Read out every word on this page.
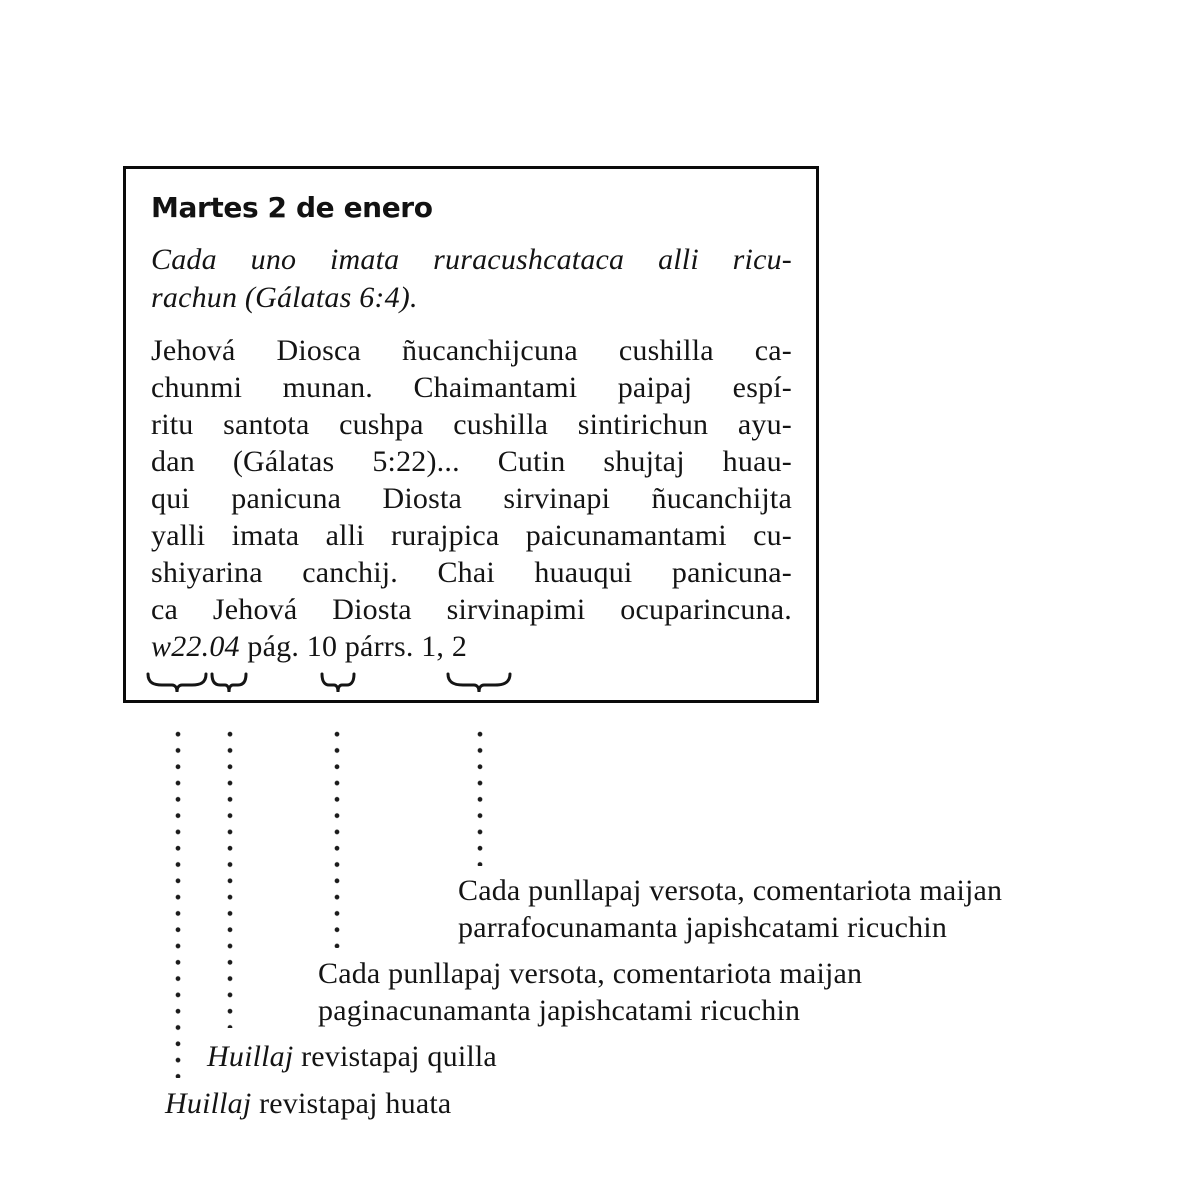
Martes 2 de enero
Cada uno imata ruracushcataca alli ricu-
rachun (Gálatas 6:4).
Jehová Diosca ñucanchijcuna cushilla ca-
chunmi munan. Chaimantami paipaj espí-
ritu santota cushpa cushilla sintirichun ayu-
dan (Gálatas 5:22)... Cutin shujtaj huau-
qui panicuna Diosta sirvinapi ñucanchijta
yalli imata alli rurajpica paicunamantami cu-
shiyarina canchij. Chai huauqui panicuna-
ca Jehová Diosta sirvinapimi ocuparincuna.
w22.04 pág. 10 párrs. 1, 2
Cada punllapaj versota, comentariota maijan
parrafocunamanta japishcatami ricuchin
Cada punllapaj versota, comentariota maijan
paginacunamanta japishcatami ricuchin
Huillaj revistapaj quilla
Huillaj revistapaj huata
